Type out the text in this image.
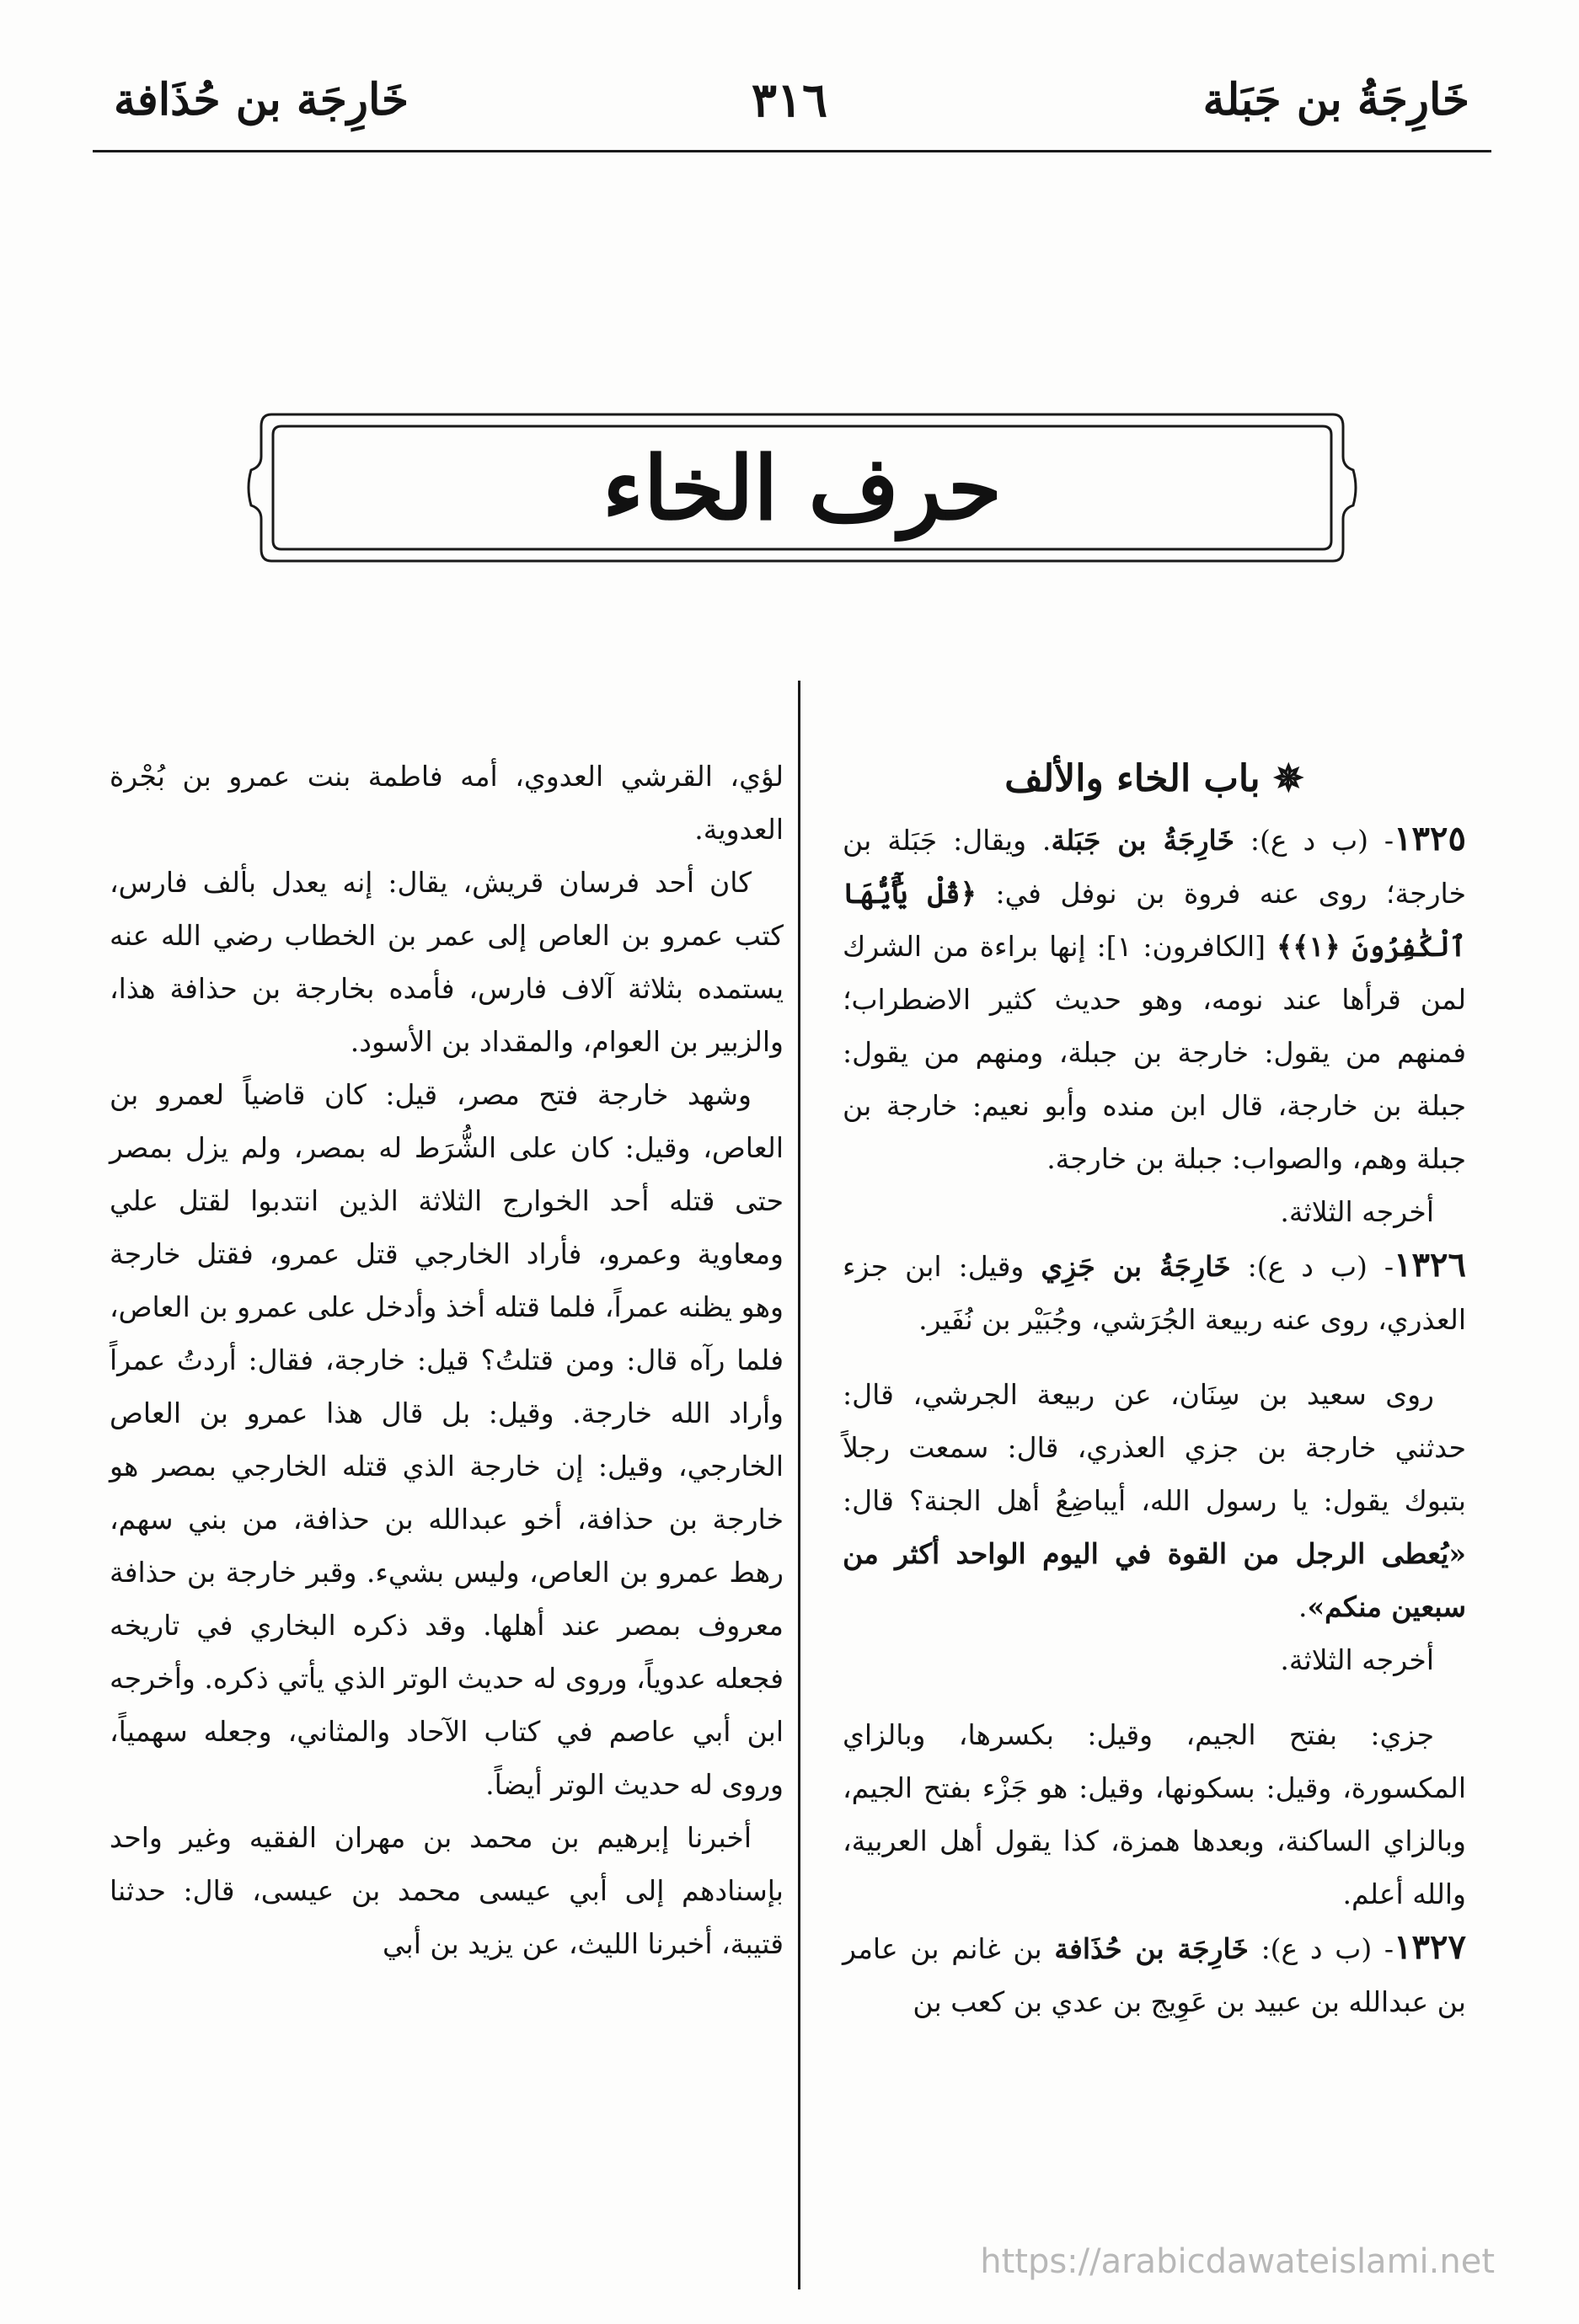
خَارِجَةُ بن جَبَلة
٣١٦
خَارِجَة بن حُذَافة
حرف الخاء

✵ باب الخاء والألف

١٣٢٥- (ب د ع): خَارِجَةُ بن جَبَلة. ويقال: جَبَلة بن خارجة؛ روى عنه فروة بن نوفل في: ﴿قُلْ يَٰٓأَيُّهَا ٱلْكَٰفِرُونَ ﴿١﴾﴾ [الكافرون: ١]: إنها براءة من الشرك لمن قرأها عند نومه، وهو حديث كثير الاضطراب؛ فمنهم من يقول: خارجة بن جبلة، ومنهم من يقول: جبلة بن خارجة، قال ابن منده وأبو نعيم: خارجة بن جبلة وهم، والصواب: جبلة بن خارجة.

أخرجه الثلاثة.

١٣٢٦- (ب د ع): خَارِجَةُ بن جَزِي وقيل: ابن جزء العذري، روى عنه ربيعة الجُرَشي، وجُبَيْر بن نُفَير.

روى سعيد بن سِنَان، عن ربيعة الجرشي، قال: حدثني خارجة بن جزي العذري، قال: سمعت رجلاً بتبوك يقول: يا رسول الله، أيباضِعُ أهل الجنة؟ قال: «يُعطى الرجل من القوة في اليوم الواحد أكثر من سبعين منكم».

أخرجه الثلاثة.

جزي: بفتح الجيم، وقيل: بكسرها، وبالزاي المكسورة، وقيل: بسكونها، وقيل: هو جَزْء بفتح الجيم، وبالزاي الساكنة، وبعدها همزة، كذا يقول أهل العربية، والله أعلم.

١٣٢٧- (ب د ع): خَارِجَة بن حُذَافة بن غانم بن عامر بن عبدالله بن عبيد بن عَوِيج بن عدي بن كعب بن

لؤي، القرشي العدوي، أمه فاطمة بنت عمرو بن بُجْرة العدوية.

كان أحد فرسان قريش، يقال: إنه يعدل بألف فارس، كتب عمرو بن العاص إلى عمر بن الخطاب رضي الله عنه يستمده بثلاثة آلاف فارس، فأمده بخارجة بن حذافة هذا، والزبير بن العوام، والمقداد بن الأسود.

وشهد خارجة فتح مصر، قيل: كان قاضياً لعمرو بن العاص، وقيل: كان على الشُّرَط له بمصر، ولم يزل بمصر حتى قتله أحد الخوارج الثلاثة الذين انتدبوا لقتل علي ومعاوية وعمرو، فأراد الخارجي قتل عمرو، فقتل خارجة وهو يظنه عمراً، فلما قتله أخذ وأدخل على عمرو بن العاص، فلما رآه قال: ومن قتلتُ؟ قيل: خارجة، فقال: أردتُ عمراً وأراد الله خارجة. وقيل: بل قال هذا عمرو بن العاص الخارجي، وقيل: إن خارجة الذي قتله الخارجي بمصر هو خارجة بن حذافة، أخو عبدالله بن حذافة، من بني سهم، رهط عمرو بن العاص، وليس بشيء. وقبر خارجة بن حذافة معروف بمصر عند أهلها. وقد ذكره البخاري في تاريخه فجعله عدوياً، وروى له حديث الوتر الذي يأتي ذكره. وأخرجه ابن أبي عاصم في كتاب الآحاد والمثاني، وجعله سهمياً، وروى له حديث الوتر أيضاً.

أخبرنا إبرهيم بن محمد بن مهران الفقيه وغير واحد بإسنادهم إلى أبي عيسى محمد بن عيسى، قال: حدثنا قتيبة، أخبرنا الليث، عن يزيد بن أبي

https://arabicdawateislami.net
